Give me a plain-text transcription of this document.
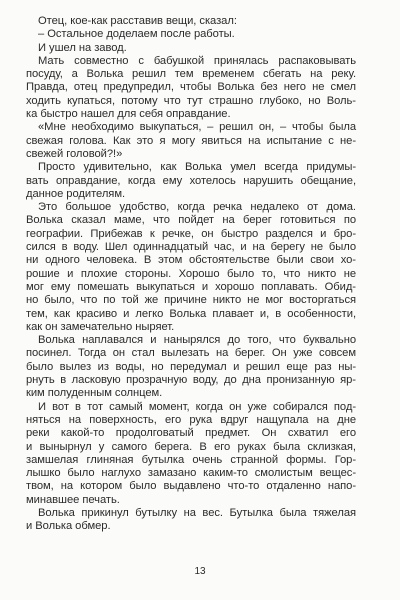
Отец, кое-как расставив вещи, сказал:
– Остальное доделаем после работы.
И ушел на завод.
Мать совместно с бабушкой принялась распаковывать
посуду, а Волька решил тем временем сбегать на реку.
Правда, отец предупредил, чтобы Волька без него не смел
ходить купаться, потому что тут страшно глубоко, но Воль-
ка быстро нашел для себя оправдание.
«Мне необходимо выкупаться, – решил он, – чтобы была
свежая голова. Как это я могу явиться на испытание с не-
свежей головой?!»
Просто удивительно, как Волька умел всегда придумы-
вать оправдание, когда ему хотелось нарушить обещание,
данное родителям.
Это большое удобство, когда речка недалеко от дома.
Волька сказал маме, что пойдет на берег готовиться по
географии. Прибежав к речке, он быстро разделся и бро-
сился в воду. Шел одиннадцатый час, и на берегу не было
ни одного человека. В этом обстоятельстве были свои хо-
рошие и плохие стороны. Хорошо было то, что никто не
мог ему помешать выкупаться и хорошо поплавать. Обид-
но было, что по той же причине никто не мог восторгаться
тем, как красиво и легко Волька плавает и, в особенности,
как он замечательно ныряет.
Волька наплавался и нанырялся до того, что буквально
посинел. Тогда он стал вылезать на берег. Он уже совсем
было вылез из воды, но передумал и решил еще раз ны-
рнуть в ласковую прозрачную воду, до дна пронизанную яр-
ким полуденным солнцем.
И вот в тот самый момент, когда он уже собирался под-
няться на поверхность, его рука вдруг нащупала на дне
реки какой-то продолговатый предмет. Он схватил его
и вынырнул у самого берега. В его руках была склизкая,
замшелая глиняная бутылка очень странной формы. Гор-
лышко было наглухо замазано каким-то смолистым вещес-
твом, на котором было выдавлено что-то отдаленно напо-
минавшее печать.
Волька прикинул бутылку на вес. Бутылка была тяжелая
и Волька обмер.
13
